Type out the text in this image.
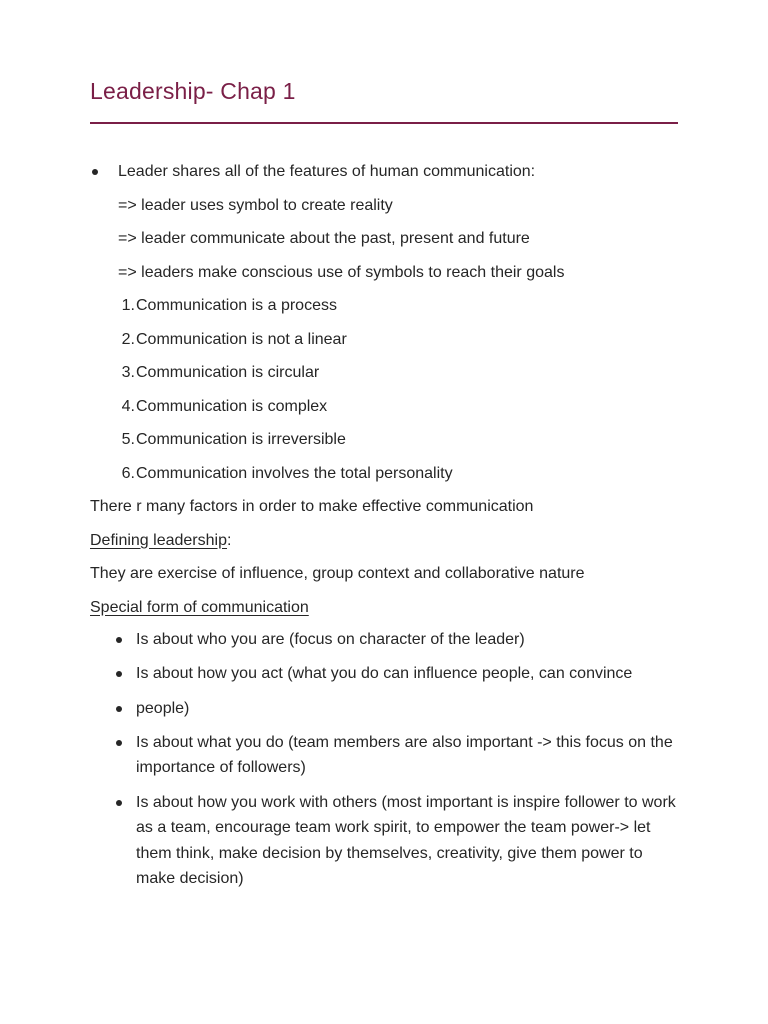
Leadership- Chap 1
Leader shares all of the features of human communication:
=> leader uses symbol to create reality
=> leader communicate about the past, present and future
=> leaders make conscious use of symbols to reach their goals
1. Communication is a process
2. Communication is not a linear
3. Communication is circular
4. Communication is complex
5. Communication is irreversible
6. Communication involves the total personality
There r many factors in order to make effective communication
Defining leadership:
They are exercise of influence, group context and collaborative nature
Special form of communication
Is about who you are (focus on character of the leader)
Is about how you act (what you do can influence people, can convince
people)
Is about what you do (team members are also important -> this focus on the importance of followers)
Is about how you work with others (most important is inspire follower to work as a team, encourage team work spirit, to empower the team power-> let them think, make decision by themselves, creativity, give them power to make decision)
